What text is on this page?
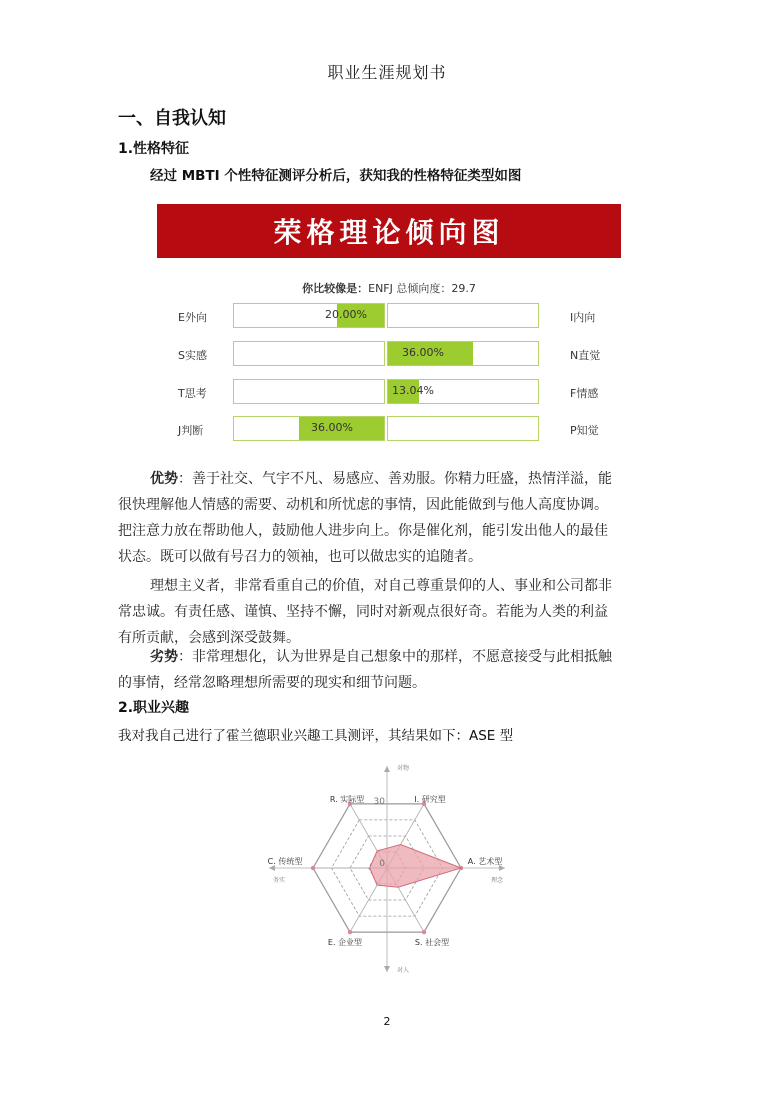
职业生涯规划书
一、自我认知
1.性格特征
经过 MBTI 个性特征测评分析后，获知我的性格特征类型如图
荣格理论倾向图
你比较像是：ENFJ 总倾向度：29.7
E外向	I内向
20.00%
S实感	N直觉
36.00%
T思考	F情感
13.04%
J判断	P知觉
36.00%
优势：善于社交、气宇不凡、易感应、善劝服。你精力旺盛，热情洋溢，能
很快理解他人情感的需要、动机和所忧虑的事情，因此能做到与他人高度协调。
把注意力放在帮助他人，鼓励他人进步向上。你是催化剂，能引发出他人的最佳
状态。既可以做有号召力的领袖，也可以做忠实的追随者。
理想主义者，非常看重自己的价值，对自己尊重景仰的人、事业和公司都非
常忠诚。有责任感、谨慎、坚持不懈，同时对新观点很好奇。若能为人类的利益
有所贡献，会感到深受鼓舞。
劣势：非常理想化，认为世界是自己想象中的那样，不愿意接受与此相抵触
的事情，经常忽略理想所需要的现实和细节问题。
2.职业兴趣
我对我自己进行了霍兰德职业兴趣工具测评，其结果如下：ASE 型
R. 实际型	I. 研究型
A. 艺术型
S. 社会型
E. 企业型
C. 传统型
对物
对人
务实	理念
30
0
2
